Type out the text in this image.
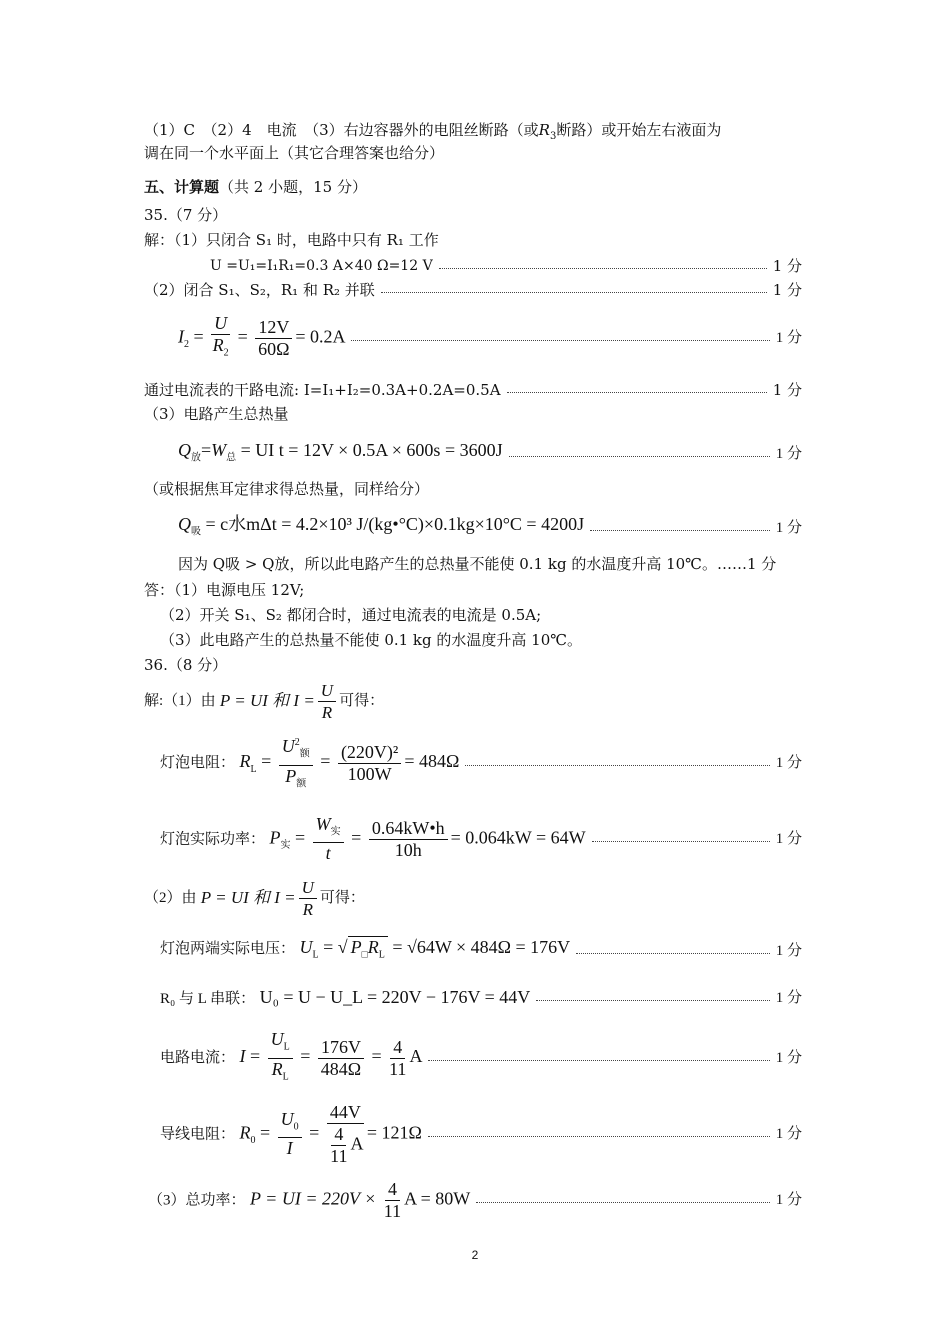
（1）C　（2）4　电流　（3）右边容器外的电阻丝断路（或$R_3$断路）或开始左右液面为
调在同一个水平面上（其它合理答案也给分）
五、计算题（共 2 小题，15 分）
35.（7 分）
解：（1）只闭合 S₁ 时，电路中只有 R₁ 工作
U =U₁=I₁R₁=0.3 A×40 Ω=12 V	1 分
（2）闭合 S₁、S₂，R₁ 和 R₂ 并联	1 分
$I_2 = \frac{U}{R_2} = \frac{12V}{60\Omega} = 0.2A$	1 分
通过电流表的干路电流: I=I₁+I₂=0.3A+0.2A=0.5A	1 分
（3）电路产生总热量
$Q_放=W_总$ = UI t = 12V × 0.5A × 600s = 3600J	1 分
（或根据焦耳定律求得总热量，同样给分）
$Q_吸 = c$水mΔt = 4.2×10³ J/(kg•°C)×0.1kg×10°C = 4200J	1 分
因为 Q吸 > Q放，所以此电路产生的总热量不能使 0.1 kg 的水温度升高 10℃。 …… 1 分
答：（1）电源电压 12V;
（2）开关 S₁、S₂ 都闭合时，通过电流表的电流是 0.5A;
（3）此电路产生的总热量不能使 0.1 kg 的水温度升高 10℃。
36.（8 分）
解:（1）由
P = UI 和 $I = \frac{U}{R}$ 可得：
灯泡电阻： $R_L = \frac{U^2_额}{P_额} = \frac{\text{(220V)²}}{100W} = 484\Omega$	1 分
灯泡实际功率： $P_实 = \frac{W_实}{t} = \frac{0.64kW•h}{10h} = 0.064kW = 64W$	1 分
（2）由
P = UI 和 $I = \frac{U}{R}$ 可得：
灯泡两端实际电压： $U_L$ = √ $P_□R_L = √64W \times 484\Omega = 176V$	1 分
R₀ 与 L 串联： U₀ = U − U_L = 220V − 176V = 44V	1 分
电路电流： $I = \frac{U_L}{R_L} = \frac{176V}{484\Omega} = \frac{4}{11}$ A	1 分
导线电阻： $R_0 = \frac{U_0}{I} = \frac{44V}{\frac{4}{11} A} = 121\Omega$	1 分
（3）总功率： P = UI = $220V \times \frac{4}{11}$ A = 80W	1 分
2
